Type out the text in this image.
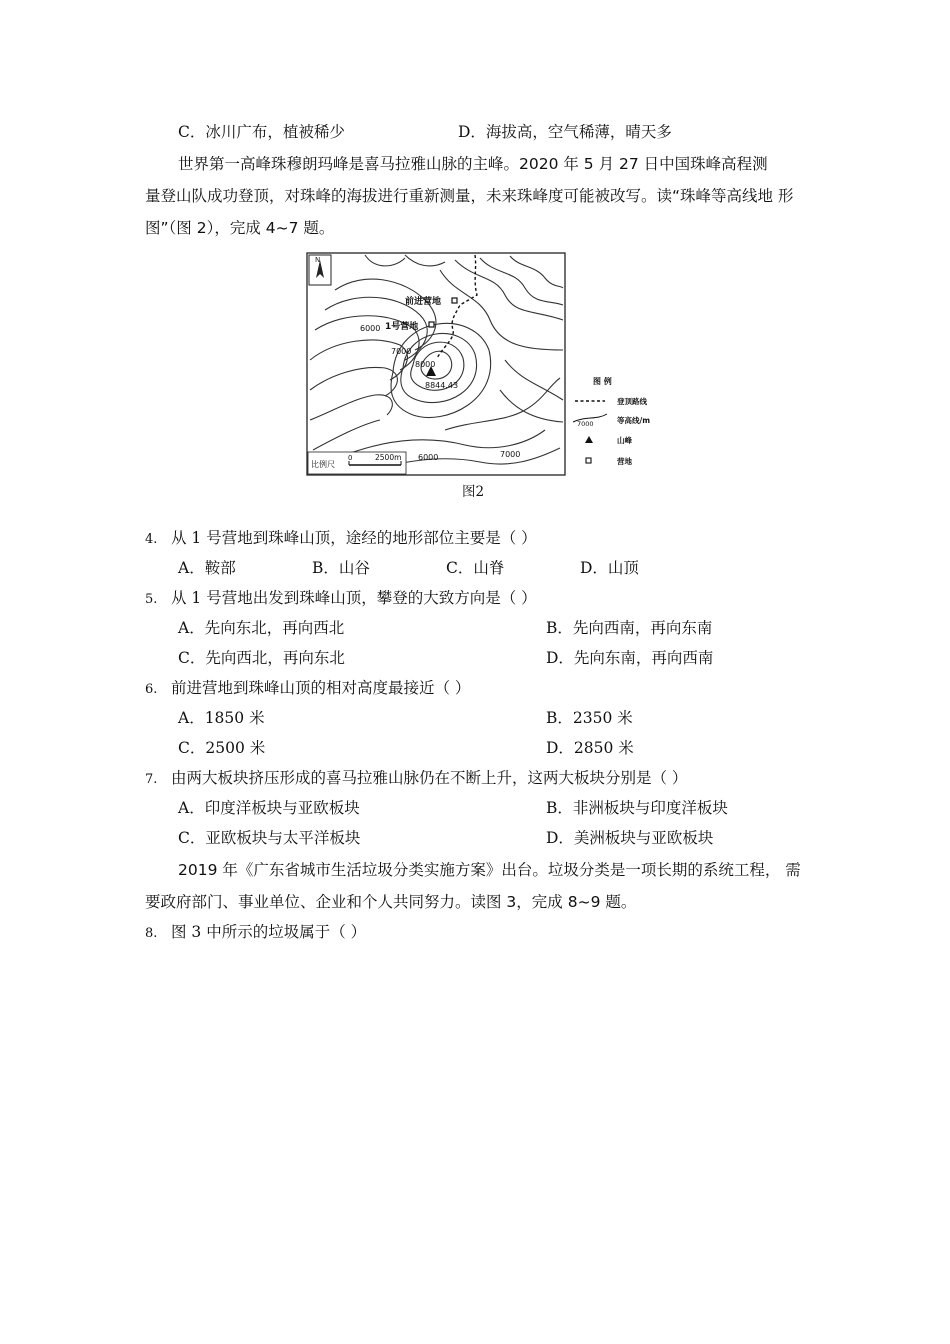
C．冰川广布，植被稀少	D．海拔高，空气稀薄，晴天多
世界第一高峰珠穆朗玛峰是喜马拉雅山脉的主峰。2020 年 5 月 27 日中国珠峰高程测
量登山队成功登顶，对珠峰的海拔进行重新测量，未来珠峰度可能被改写。读“珠峰等高线地 形
图”（图 2），完成 4~7 题。
N
前进营地
1号营地
8844.43
6000
7000
8000
6000	7000
比例尺
0	2500m
图 例
登顶路线
7000	等高线/m
山峰
营地
图2
4. 从 1 号营地到珠峰山顶，途经的地形部位主要是（ ）
A．鞍部	B．山谷	C．山脊	D．山顶
5. 从 1 号营地出发到珠峰山顶，攀登的大致方向是（ ）
A．先向东北，再向西北	B．先向西南，再向东南
C．先向西北，再向东北	D．先向东南，再向西南
6. 前进营地到珠峰山顶的相对高度最接近（ ）
A．1850 米	B．2350 米
C．2500 米	D．2850 米
7. 由两大板块挤压形成的喜马拉雅山脉仍在不断上升，这两大板块分别是（ ）
A．印度洋板块与亚欧板块	B．非洲板块与印度洋板块
C．亚欧板块与太平洋板块	D．美洲板块与亚欧板块
2019 年《广东省城市生活垃圾分类实施方案》出台。垃圾分类是一项长期的系统工程， 需
要政府部门、事业单位、企业和个人共同努力。读图 3，完成 8~9 题。
8. 图 3 中所示的垃圾属于（ ）
